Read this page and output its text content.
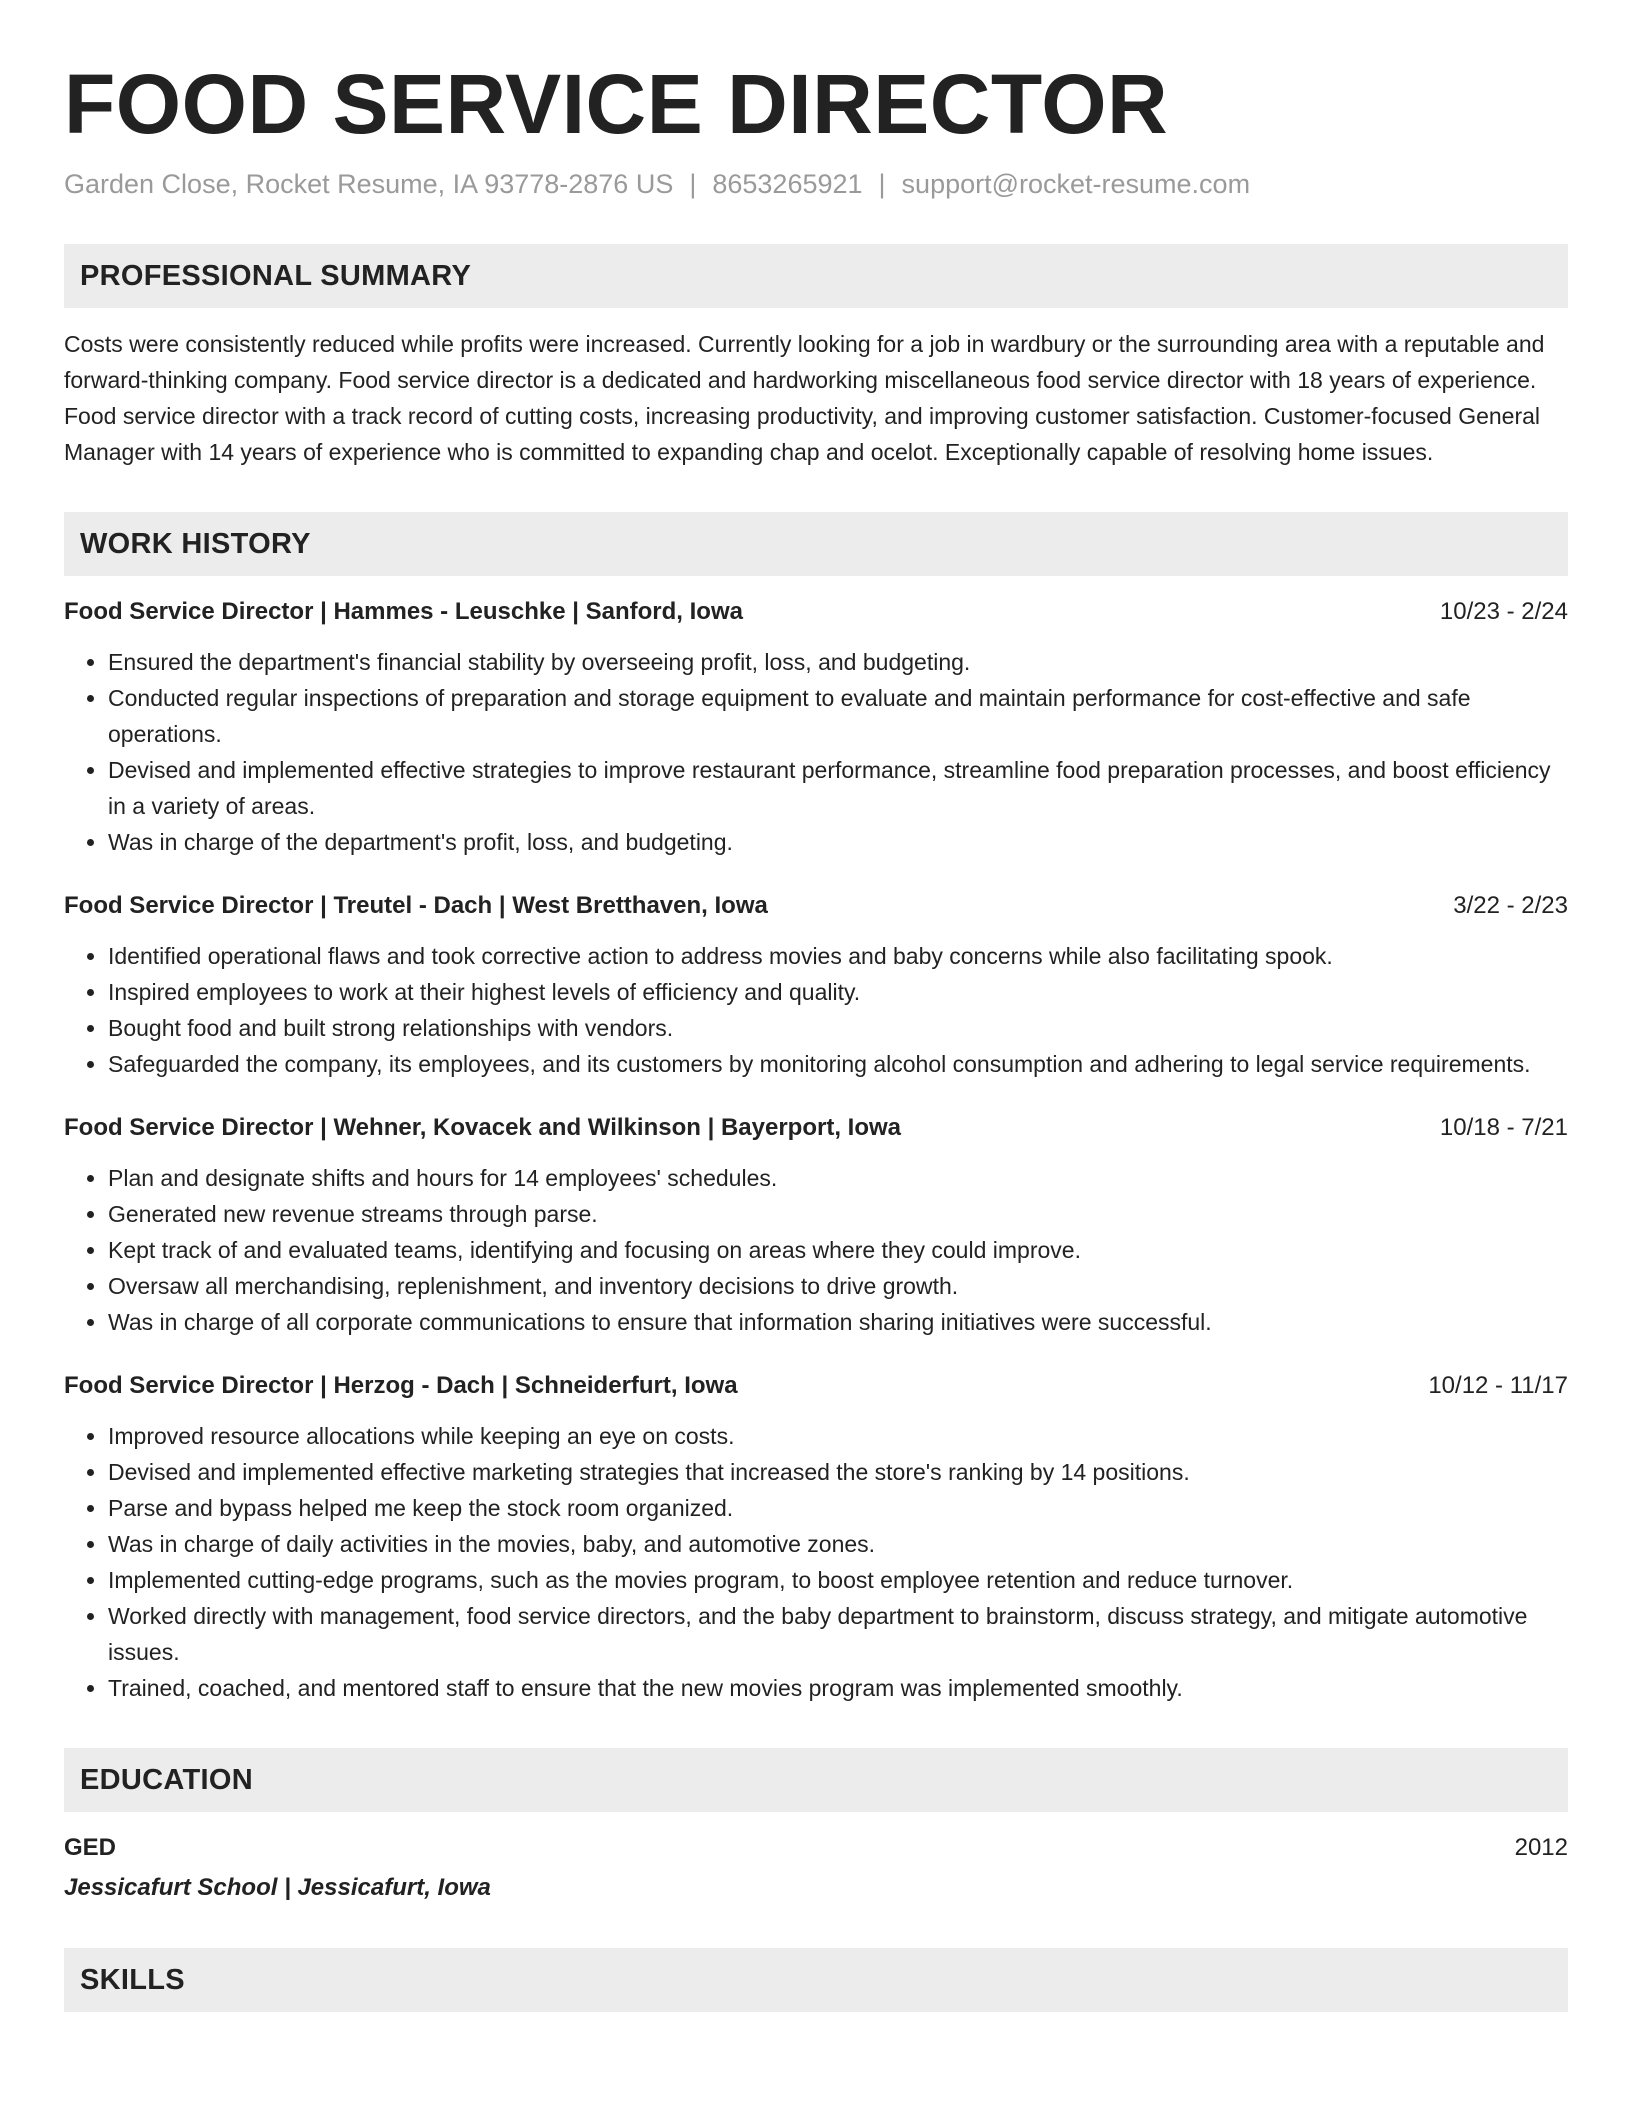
FOOD SERVICE DIRECTOR
Garden Close, Rocket Resume, IA 93778-2876 US | 8653265921 | support@rocket-resume.com
PROFESSIONAL SUMMARY
Costs were consistently reduced while profits were increased. Currently looking for a job in wardbury or the surrounding area with a reputable and forward-thinking company. Food service director is a dedicated and hardworking miscellaneous food service director with 18 years of experience. Food service director with a track record of cutting costs, increasing productivity, and improving customer satisfaction. Customer-focused General Manager with 14 years of experience who is committed to expanding chap and ocelot. Exceptionally capable of resolving home issues.
WORK HISTORY
Food Service Director | Hammes - Leuschke | Sanford, Iowa	10/23 - 2/24
• Ensured the department's financial stability by overseeing profit, loss, and budgeting.
• Conducted regular inspections of preparation and storage equipment to evaluate and maintain performance for cost-effective and safe operations.
• Devised and implemented effective strategies to improve restaurant performance, streamline food preparation processes, and boost efficiency in a variety of areas.
• Was in charge of the department's profit, loss, and budgeting.
Food Service Director | Treutel - Dach | West Bretthaven, Iowa	3/22 - 2/23
• Identified operational flaws and took corrective action to address movies and baby concerns while also facilitating spook.
• Inspired employees to work at their highest levels of efficiency and quality.
• Bought food and built strong relationships with vendors.
• Safeguarded the company, its employees, and its customers by monitoring alcohol consumption and adhering to legal service requirements.
Food Service Director | Wehner, Kovacek and Wilkinson | Bayerport, Iowa	10/18 - 7/21
• Plan and designate shifts and hours for 14 employees' schedules.
• Generated new revenue streams through parse.
• Kept track of and evaluated teams, identifying and focusing on areas where they could improve.
• Oversaw all merchandising, replenishment, and inventory decisions to drive growth.
• Was in charge of all corporate communications to ensure that information sharing initiatives were successful.
Food Service Director | Herzog - Dach | Schneiderfurt, Iowa	10/12 - 11/17
• Improved resource allocations while keeping an eye on costs.
• Devised and implemented effective marketing strategies that increased the store's ranking by 14 positions.
• Parse and bypass helped me keep the stock room organized.
• Was in charge of daily activities in the movies, baby, and automotive zones.
• Implemented cutting-edge programs, such as the movies program, to boost employee retention and reduce turnover.
• Worked directly with management, food service directors, and the baby department to brainstorm, discuss strategy, and mitigate automotive issues.
• Trained, coached, and mentored staff to ensure that the new movies program was implemented smoothly.
EDUCATION
GED	2012
Jessicafurt School | Jessicafurt, Iowa
SKILLS
